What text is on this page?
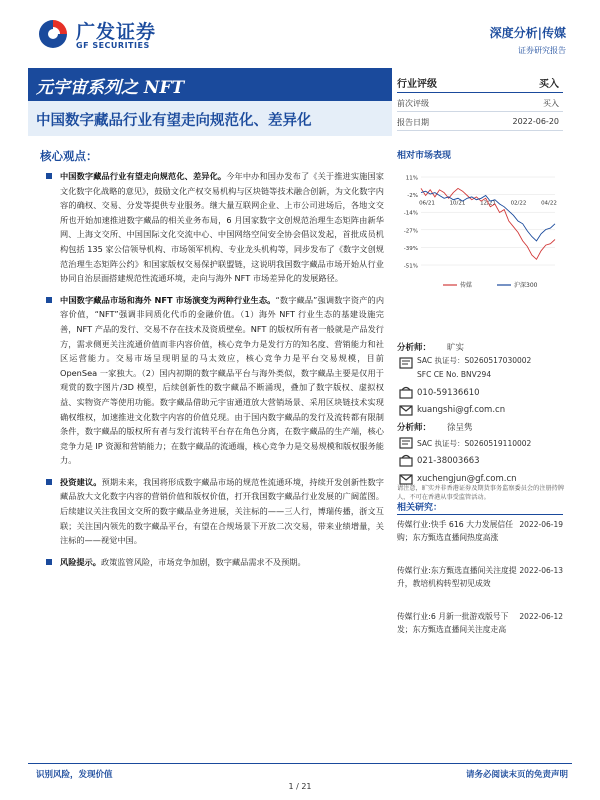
广发证券
GF SECURITIES
深度分析|传媒
证券研究报告
元宇宙系列之 NFT
中国数字藏品行业有望走向规范化、差异化
行业评级	买入
前次评级	买入
报告日期	2022-06-20
核心观点：
中国数字藏品行业有望走向规范化、差异化。今年中办和国办发布了《关于推进实施国家文化数字化战略的意见》，鼓励文化产权交易机构与区块链等技术融合创新，为文化数字内容的确权、交易、分发等提供专业服务。继大量互联网企业、上市公司进场后，各地文交所也开始加速推进数字藏品的相关业务布局，6 月国家数字文创规范治理生态矩阵由新华网、上海文交所、中国国际文化交流中心、中国网络空间安全协会倡议发起，首批成员机构包括 135 家公信领导机构、市场领军机构、专业龙头机构等，同步发布了《数字文创规范治理生态矩阵公约》和国家版权交易保护联盟链，这说明我国数字藏品市场开始从行业协同自治层面搭建规范性流通环境，走向与海外 NFT 市场差异化的发展路径。
中国数字藏品市场和海外 NFT 市场演变为两种行业生态。“数字藏品”强调数字资产的内容价值，“NFT”强调非同质化代币的金融价值。（1）海外 NFT 行业生态的基建设施完善，NFT 产品的发行、交易不存在技术及资质壁垒。NFT 的版权所有者一般就是产品发行方，需求侧更关注流通价值而非内容价值，核心竞争力是发行方的知名度、营销能力和社区运营能力。交易市场呈现明显的马太效应，核心竞争力是平台交易规模，目前 OpenSea 一家独大。（2）国内初期的数字藏品平台与海外类似，数字藏品主要是仅用于观赏的数字图片/3D 模型，后续创新性的数字藏品不断涌现，叠加了数字版权、虚拟权益、实物资产等使用功能。数字藏品借助元宇宙通道放大营销场景、采用区块链技术实现确权维权，加速推进文化数字内容的价值兑现。由于国内数字藏品的发行及流转都有限制条件，数字藏品的版权所有者与发行流转平台存在角色分离，在数字藏品的生产端，核心竞争力是 IP 资源和营销能力；在数字藏品的流通端，核心竞争力是交易规模和版权服务能力。
投资建议。预期未来，我国将形成数字藏品市场的规范性流通环境，持续开发创新性数字藏品放大文化数字内容的营销价值和版权价值，打开我国数字藏品行业发展的广阔蓝图。后续建议关注我国文交所的数字藏品业务进展，关注标的——三人行，博瑞传播，浙文互联；关注国内领先的数字藏品平台，有望在合规场景下开放二次交易，带来业绩增量，关注标的——视觉中国。
风险提示。政策监管风险，市场竞争加剧，数字藏品需求不及预期。
相对市场表现
11%
-2%
-14%
-27%
-39%
-51%
06/21	10/21	12/21	02/22	04/22
传媒	沪深300
分析师： 旷实
SAC 执证号：S0260517030002
SFC CE No. BNV294
010-59136610
kuangshi@gf.com.cn
分析师： 徐呈隽
SAC 执证号：S0260519110002
021-38003663
xuchengjun@gf.com.cn
请注意，旷实并非香港证券及期货事务监察委员会的注册持牌人，不可在香港从事受监管活动。
相关研究：
传媒行业:快手 616 大力发展信任购；东方甄选直播间热度高涨
2022-06-19
传媒行业:东方甄选直播间关注度提升，教培机构转型初见成效
2022-06-13
传媒行业:6 月新一批游戏版号下发；东方甄选直播间关注度走高
2022-06-12
识别风险，发现价值	请务必阅读末页的免责声明
1 / 21
